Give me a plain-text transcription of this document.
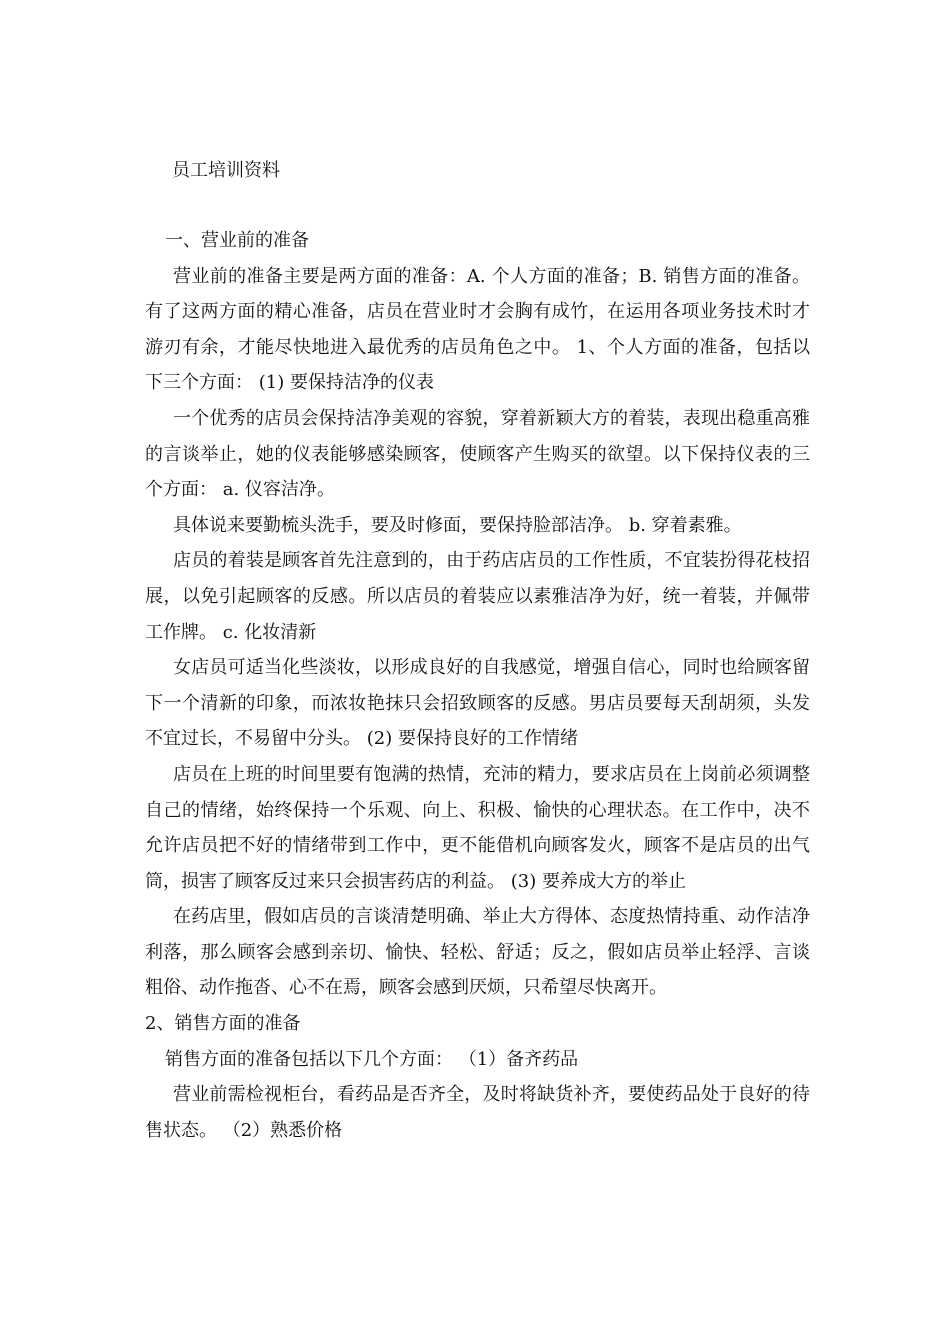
员工培训资料

一、营业前的准备

营业前的准备主要是两方面的准备：A. 个人方面的准备；B. 销售方面的准备。有了这两方面的精心准备，店员在营业时才会胸有成竹，在运用各项业务技术时才游刃有余，才能尽快地进入最优秀的店员角色之中。 1、个人方面的准备，包括以下三个方面： (1) 要保持洁净的仪表

一个优秀的店员会保持洁净美观的容貌，穿着新颖大方的着装，表现出稳重高雅的言谈举止，她的仪表能够感染顾客，使顾客产生购买的欲望。以下保持仪表的三个方面： a. 仪容洁净。

具体说来要勤梳头洗手，要及时修面，要保持脸部洁净。 b. 穿着素雅。

店员的着装是顾客首先注意到的，由于药店店员的工作性质，不宜装扮得花枝招展，以免引起顾客的反感。所以店员的着装应以素雅洁净为好，统一着装，并佩带工作牌。 c. 化妆清新

女店员可适当化些淡妆，以形成良好的自我感觉，增强自信心，同时也给顾客留下一个清新的印象，而浓妆艳抹只会招致顾客的反感。男店员要每天刮胡须，头发不宜过长，不易留中分头。 (2) 要保持良好的工作情绪

店员在上班的时间里要有饱满的热情，充沛的精力，要求店员在上岗前必须调整自己的情绪，始终保持一个乐观、向上、积极、愉快的心理状态。在工作中，决不允许店员把不好的情绪带到工作中，更不能借机向顾客发火，顾客不是店员的出气筒，损害了顾客反过来只会损害药店的利益。 (3) 要养成大方的举止

在药店里，假如店员的言谈清楚明确、举止大方得体、态度热情持重、动作洁净利落，那么顾客会感到亲切、愉快、轻松、舒适；反之，假如店员举止轻浮、言谈粗俗、动作拖沓、心不在焉，顾客会感到厌烦，只希望尽快离开。

2、销售方面的准备

销售方面的准备包括以下几个方面： （1）备齐药品

营业前需检视柜台，看药品是否齐全，及时将缺货补齐，要使药品处于良好的待售状态。 （2）熟悉价格
